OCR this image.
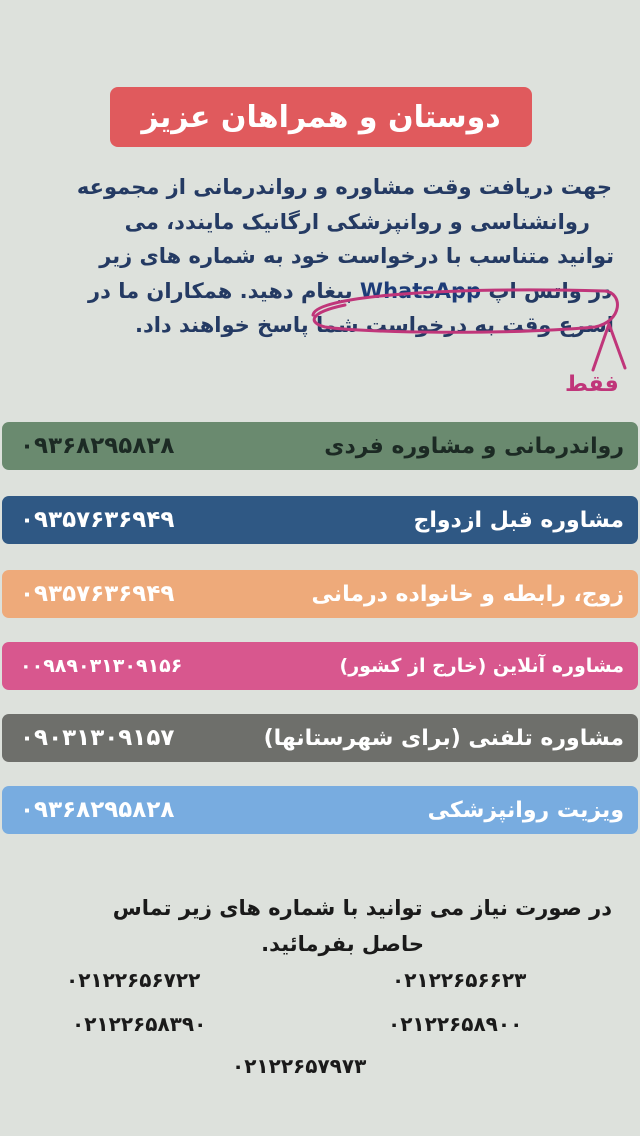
دوستان و همراهان عزیز
جهت دریافت وقت مشاوره و رواندرمانی از مجموعه
روانشناسی و روانپزشکی ارگانیک مایندد، می
توانید متناسب با درخواست خود به شماره های زیر
در واتس اپ WhatsApp پیغام دهید. همکاران ما در
اسرع وقت به درخواست شما پاسخ خواهند داد.
فقط
۰۹۳۶۸۲۹۵۸۲۸	رواندرمانی و مشاوره فردی
۰۹۳۵۷۶۳۶۹۴۹	مشاوره قبل ازدواج
۰۹۳۵۷۶۳۶۹۴۹	زوج، رابطه و خانواده درمانی
۰۰۹۸۹۰۳۱۳۰۹۱۵۶	مشاوره آنلاین (خارج از کشور)
۰۹۰۳۱۳۰۹۱۵۷	مشاوره تلفنی (برای شهرستانها)
۰۹۳۶۸۲۹۵۸۲۸	ویزیت روانپزشکی
در صورت نیاز می توانید با شماره های زیر تماس
حاصل بفرمائید.
۰۲۱۲۲۶۵۶۶۲۳
۰۲۱۲۲۶۵۶۷۲۲
۰۲۱۲۲۶۵۸۹۰۰
۰۲۱۲۲۶۵۸۳۹۰
۰۲۱۲۲۶۵۷۹۷۳
